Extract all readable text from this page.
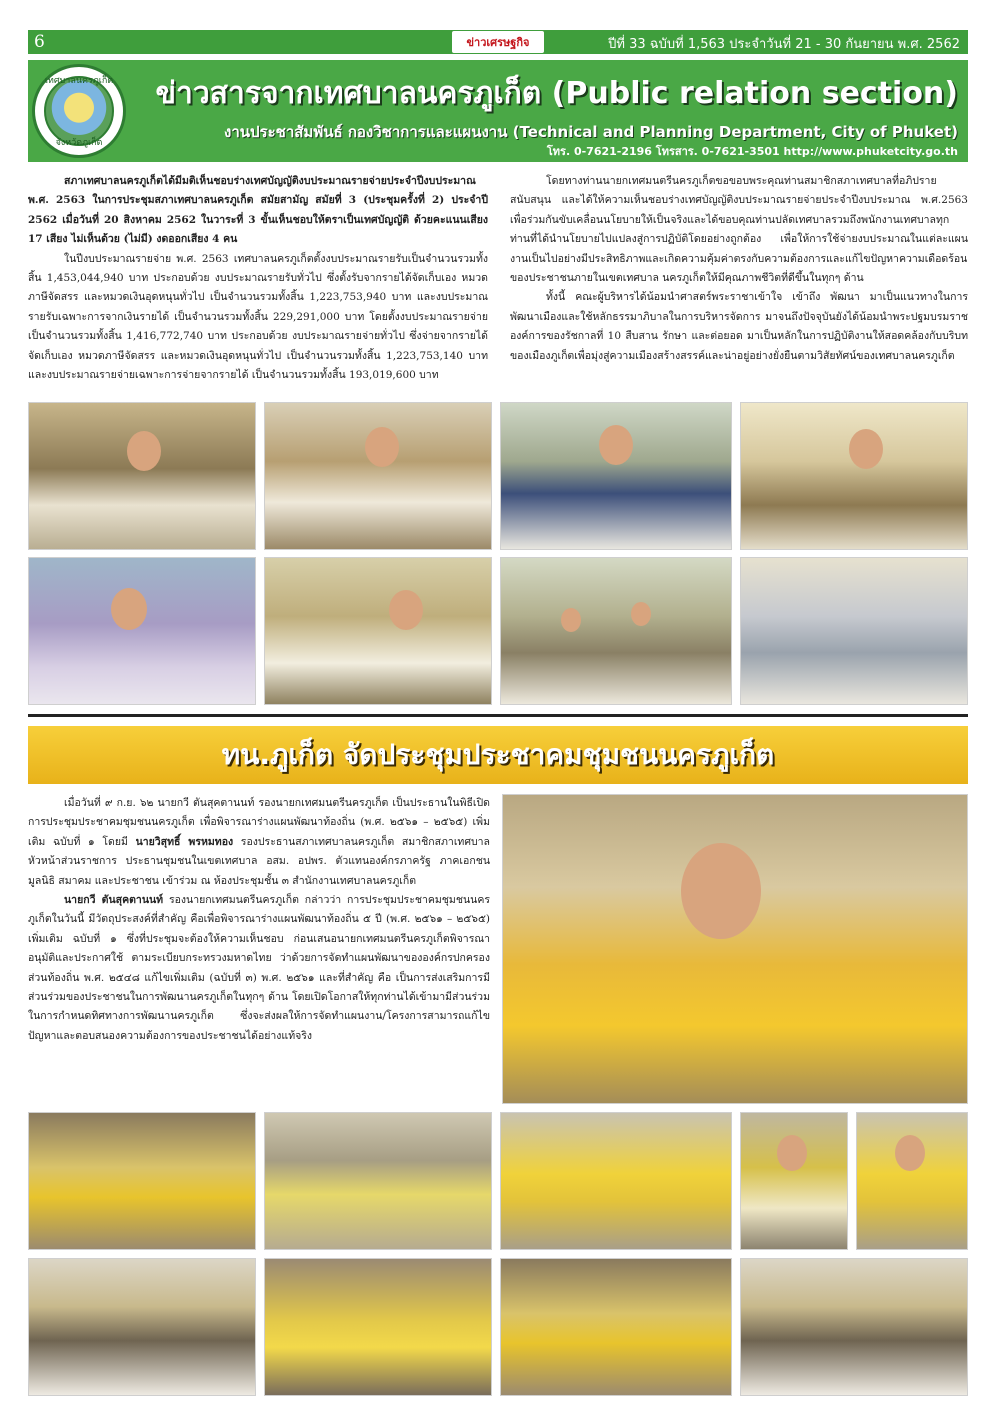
6	ข่าวเศรษฐกิจ	ปีที่ 33 ฉบับที่ 1,563 ประจำวันที่ 21 - 30 กันยายน พ.ศ. 2562
เทศบาลนครภูเก็ต
จังหวัดภูเก็ต
ข่าวสารจากเทศบาลนครภูเก็ต (Public relation section)
งานประชาสัมพันธ์ กองวิชาการและแผนงาน (Technical and Planning Department, City of Phuket)
โทร. 0-7621-2196 โทรสาร. 0-7621-3501 http://www.phuketcity.go.th

สภาเทศบาลนครภูเก็ตได้มีมติเห็นชอบร่างเทศบัญญัติงบประมาณรายจ่ายประจำปีงบประมาณ พ.ศ. 2563 ในการประชุมสภาเทศบาลนครภูเก็ต สมัยสามัญ สมัยที่ 3 (ประชุมครั้งที่ 2) ประจำปี 2562 เมื่อวันที่ 20 สิงหาคม 2562 ในวาระที่ 3 ขั้นเห็นชอบให้ตราเป็นเทศบัญญัติ ด้วยคะแนนเสียง 17 เสียง ไม่เห็นด้วย (ไม่มี) งดออกเสียง 4 คน

ในปีงบประมาณรายจ่าย พ.ศ. 2563 เทศบาลนครภูเก็ตตั้งงบประมาณรายรับเป็นจำนวนรวมทั้งสิ้น 1,453,044,940 บาท ประกอบด้วย งบประมาณรายรับทั่วไป ซึ่งตั้งรับจากรายได้จัดเก็บเอง หมวดภาษีจัดสรร และหมวดเงินอุดหนุนทั่วไป เป็นจำนวนรวมทั้งสิ้น 1,223,753,940 บาท และงบประมาณรายรับเฉพาะการจากเงินรายได้ เป็นจำนวนรวมทั้งสิ้น 229,291,000 บาท โดยตั้งงบประมาณรายจ่ายเป็นจำนวนรวมทั้งสิ้น 1,416,772,740 บาท ประกอบด้วย งบประมาณรายจ่ายทั่วไป ซึ่งจ่ายจากรายได้จัดเก็บเอง หมวดภาษีจัดสรร และหมวดเงินอุดหนุนทั่วไป เป็นจำนวนรวมทั้งสิ้น 1,223,753,140 บาท และงบประมาณรายจ่ายเฉพาะการจ่ายจากรายได้ เป็นจำนวนรวมทั้งสิ้น 193,019,600 บาท

โดยทางท่านนายกเทศมนตรีนครภูเก็ตขอขอบพระคุณท่านสมาชิกสภาเทศบาลที่อภิปราย สนับสนุน และได้ให้ความเห็นชอบร่างเทศบัญญัติงบประมาณรายจ่ายประจำปีงบประมาณ พ.ศ.2563 เพื่อร่วมกันขับเคลื่อนนโยบายให้เป็นจริงและได้ขอบคุณท่านปลัดเทศบาลรวมถึงพนักงานเทศบาลทุกท่านที่ได้นำนโยบายไปแปลงสู่การปฏิบัติโดยอย่างถูกต้อง เพื่อให้การใช้จ่ายงบประมาณในแต่ละแผนงานเป็นไปอย่างมีประสิทธิภาพและเกิดความคุ้มค่าตรงกับความต้องการและแก้ไขปัญหาความเดือดร้อนของประชาชนภายในเขตเทศบาล นครภูเก็ตให้มีคุณภาพชีวิตที่ดีขึ้นในทุกๆ ด้าน

ทั้งนี้ คณะผู้บริหารได้น้อมนำศาสตร์พระราชาเข้าใจ เข้าถึง พัฒนา มาเป็นแนวทางในการพัฒนาเมืองและใช้หลักธรรมาภิบาลในการบริหารจัดการ มาจนถึงปัจจุบันยังได้น้อมนำพระปฐมบรมราชองค์การของรัชกาลที่ 10 สืบสาน รักษา และต่อยอด มาเป็นหลักในการปฏิบัติงานให้สอดคล้องกับบริบทของเมืองภูเก็ตเพื่อมุ่งสู่ความเมืองสร้างสรรค์และน่าอยู่อย่างยั่งยืนตามวิสัยทัศน์ของเทศบาลนครภูเก็ต

ทน.ภูเก็ต จัดประชุมประชาคมชุมชนนครภูเก็ต

เมื่อวันที่ ๙ ก.ย. ๖๒ นายกวี ตันสุคตานนท์ รองนายกเทศมนตรีนครภูเก็ต เป็นประธานในพิธีเปิดการประชุมประชาคมชุมชนนครภูเก็ต เพื่อพิจารณาร่างแผนพัฒนาท้องถิ่น (พ.ศ. ๒๕๖๑ – ๒๕๖๕) เพิ่มเติม ฉบับที่ ๑ โดยมี นายวิสุทธิ์ พรหมทอง รองประธานสภาเทศบาลนครภูเก็ต สมาชิกสภาเทศบาล หัวหน้าส่วนราชการ ประธานชุมชนในเขตเทศบาล อสม. อปพร. ตัวแทนองค์กรภาครัฐ ภาคเอกชน มูลนิธิ สมาคม และประชาชน เข้าร่วม ณ ห้องประชุมชั้น ๓ สำนักงานเทศบาลนครภูเก็ต

นายกวี ตันสุคตานนท์ รองนายกเทศมนตรีนครภูเก็ต กล่าวว่า การประชุมประชาคมชุมชนนครภูเก็ตในวันนี้ มีวัตถุประสงค์ที่สำคัญ คือเพื่อพิจารณาร่างแผนพัฒนาท้องถิ่น ๕ ปี (พ.ศ. ๒๕๖๑ – ๒๕๖๕) เพิ่มเติม ฉบับที่ ๑ ซึ่งที่ประชุมจะต้องให้ความเห็นชอบ ก่อนเสนอนายกเทศมนตรีนครภูเก็ตพิจารณาอนุมัติและประกาศใช้ ตามระเบียบกระทรวงมหาดไทย ว่าด้วยการจัดทำแผนพัฒนาขององค์กรปกครองส่วนท้องถิ่น พ.ศ. ๒๕๔๘ แก้ไขเพิ่มเติม (ฉบับที่ ๓) พ.ศ. ๒๕๖๑ และที่สำคัญ คือ เป็นการส่งเสริมการมีส่วนร่วมของประชาชนในการพัฒนานครภูเก็ตในทุกๆ ด้าน โดยเปิดโอกาสให้ทุกท่านได้เข้ามามีส่วนร่วมในการกำหนดทิศทางการพัฒนานครภูเก็ต ซึ่งจะส่งผลให้การจัดทำแผนงาน/โครงการสามารถแก้ไขปัญหาและตอบสนองความต้องการของประชาชนได้อย่างแท้จริง
